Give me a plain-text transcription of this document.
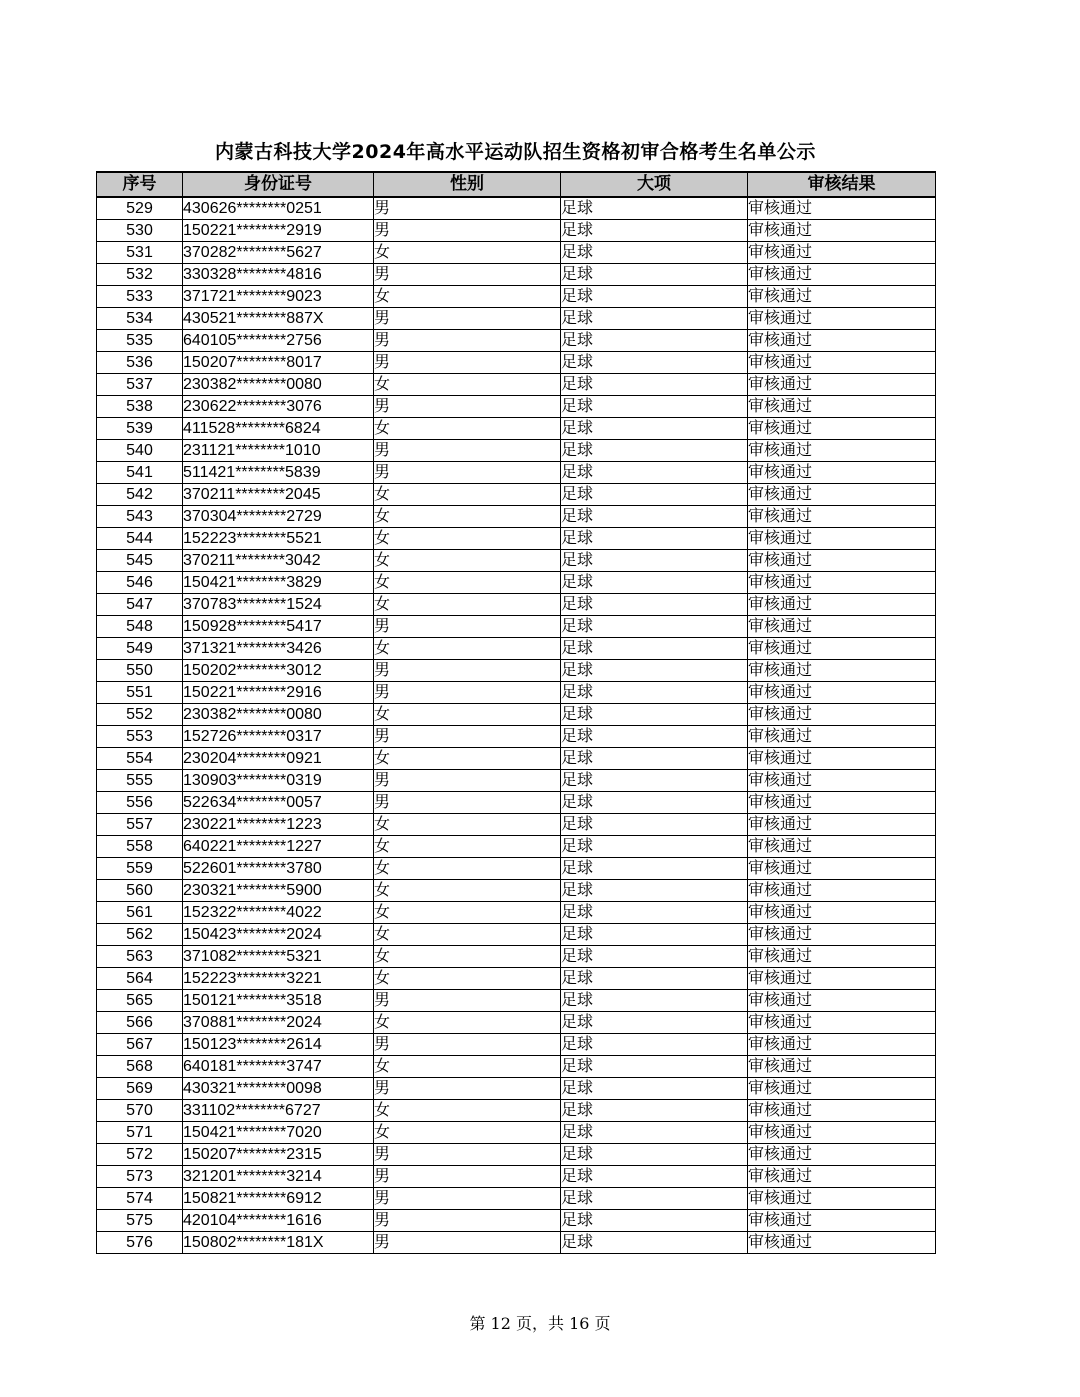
内蒙古科技大学2024年高水平运动队招生资格初审合格考生名单公示
序号	身份证号	性别	大项	审核结果
529	430626********0251	男	足球	审核通过
530	150221********2919	男	足球	审核通过
531	370282********5627	女	足球	审核通过
532	330328********4816	男	足球	审核通过
533	371721********9023	女	足球	审核通过
534	430521********887X	男	足球	审核通过
535	640105********2756	男	足球	审核通过
536	150207********8017	男	足球	审核通过
537	230382********0080	女	足球	审核通过
538	230622********3076	男	足球	审核通过
539	411528********6824	女	足球	审核通过
540	231121********1010	男	足球	审核通过
541	511421********5839	男	足球	审核通过
542	370211********2045	女	足球	审核通过
543	370304********2729	女	足球	审核通过
544	152223********5521	女	足球	审核通过
545	370211********3042	女	足球	审核通过
546	150421********3829	女	足球	审核通过
547	370783********1524	女	足球	审核通过
548	150928********5417	男	足球	审核通过
549	371321********3426	女	足球	审核通过
550	150202********3012	男	足球	审核通过
551	150221********2916	男	足球	审核通过
552	230382********0080	女	足球	审核通过
553	152726********0317	男	足球	审核通过
554	230204********0921	女	足球	审核通过
555	130903********0319	男	足球	审核通过
556	522634********0057	男	足球	审核通过
557	230221********1223	女	足球	审核通过
558	640221********1227	女	足球	审核通过
559	522601********3780	女	足球	审核通过
560	230321********5900	女	足球	审核通过
561	152322********4022	女	足球	审核通过
562	150423********2024	女	足球	审核通过
563	371082********5321	女	足球	审核通过
564	152223********3221	女	足球	审核通过
565	150121********3518	男	足球	审核通过
566	370881********2024	女	足球	审核通过
567	150123********2614	男	足球	审核通过
568	640181********3747	女	足球	审核通过
569	430321********0098	男	足球	审核通过
570	331102********6727	女	足球	审核通过
571	150421********7020	女	足球	审核通过
572	150207********2315	男	足球	审核通过
573	321201********3214	男	足球	审核通过
574	150821********6912	男	足球	审核通过
575	420104********1616	男	足球	审核通过
576	150802********181X	男	足球	审核通过
第 12 页，共 16 页
